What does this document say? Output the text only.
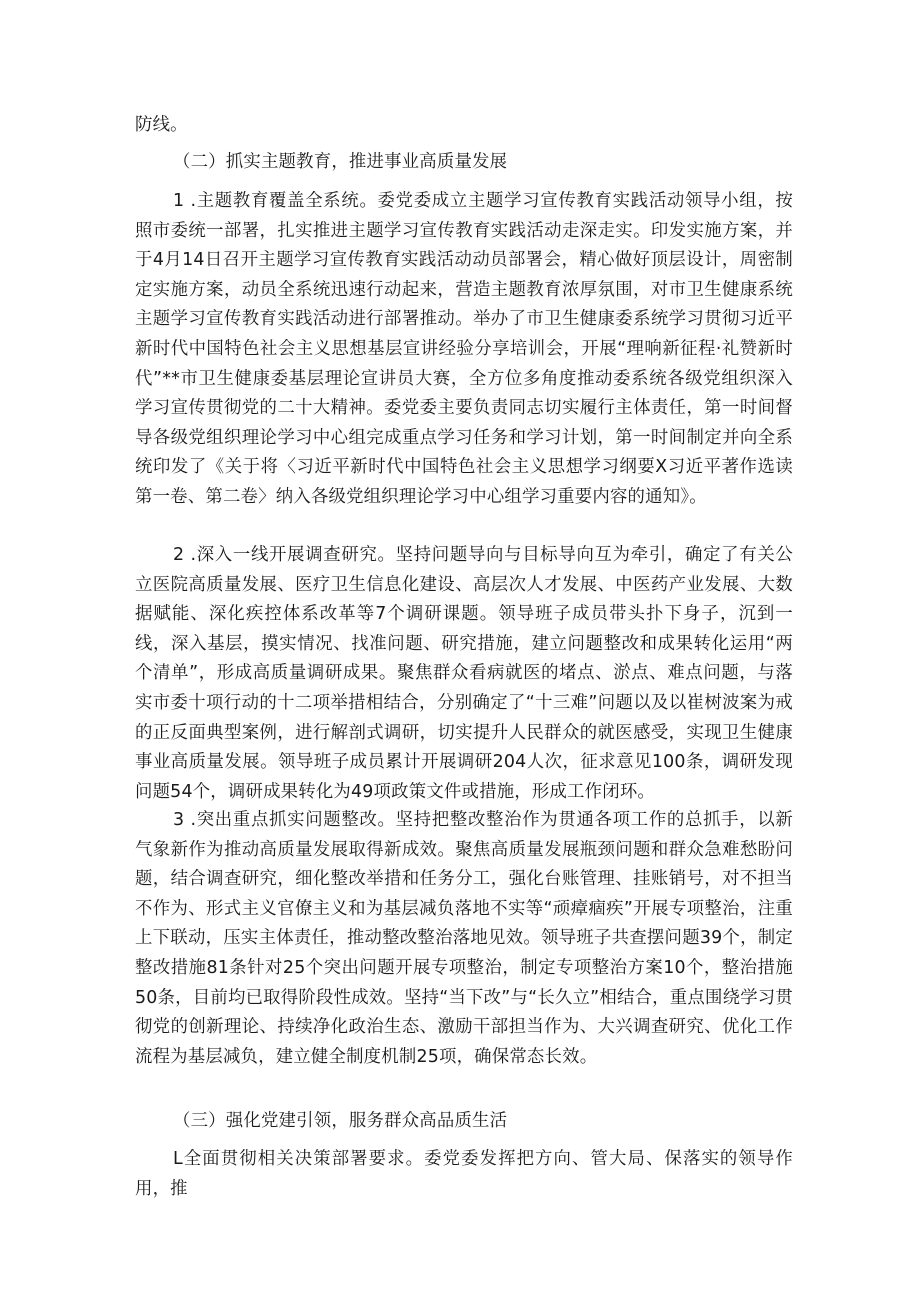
防线。

（二）抓实主题教育，推进事业高质量发展

1 .主题教育覆盖全系统。委党委成立主题学习宣传教育实践活动领导小组，按照市委统一部署，扎实推进主题学习宣传教育实践活动走深走实。印发实施方案，并于4月14日召开主题学习宣传教育实践活动动员部署会，精心做好顶层设计，周密制定实施方案，动员全系统迅速行动起来，营造主题教育浓厚氛围，对市卫生健康系统主题学习宣传教育实践活动进行部署推动。举办了市卫生健康委系统学习贯彻习近平新时代中国特色社会主义思想基层宣讲经验分享培训会，开展“理响新征程·礼赞新时代”**市卫生健康委基层理论宣讲员大赛，全方位多角度推动委系统各级党组织深入学习宣传贯彻党的二十大精神。委党委主要负责同志切实履行主体责任，第一时间督导各级党组织理论学习中心组完成重点学习任务和学习计划，第一时间制定并向全系统印发了《关于将〈习近平新时代中国特色社会主义思想学习纲要X习近平著作选读第一卷、第二卷〉纳入各级党组织理论学习中心组学习重要内容的通知》。

2 .深入一线开展调查研究。坚持问题导向与目标导向互为牵引，确定了有关公立医院高质量发展、医疗卫生信息化建设、高层次人才发展、中医药产业发展、大数据赋能、深化疾控体系改革等7个调研课题。领导班子成员带头扑下身子，沉到一线，深入基层，摸实情况、找准问题、研究措施，建立问题整改和成果转化运用“两个清单”，形成高质量调研成果。聚焦群众看病就医的堵点、淤点、难点问题，与落实市委十项行动的十二项举措相结合，分别确定了“十三难”问题以及以崔树波案为戒的正反面典型案例，进行解剖式调研，切实提升人民群众的就医感受，实现卫生健康事业高质量发展。领导班子成员累计开展调研204人次，征求意见100条，调研发现问题54个，调研成果转化为49项政策文件或措施，形成工作闭环。

3 .突出重点抓实问题整改。坚持把整改整治作为贯通各项工作的总抓手，以新气象新作为推动高质量发展取得新成效。聚焦高质量发展瓶颈问题和群众急难愁盼问题，结合调查研究，细化整改举措和任务分工，强化台账管理、挂账销号，对不担当不作为、形式主义官僚主义和为基层减负落地不实等“顽瘴痼疾”开展专项整治，注重上下联动，压实主体责任，推动整改整治落地见效。领导班子共查摆问题39个，制定整改措施81条针对25个突出问题开展专项整治，制定专项整治方案10个，整治措施50条，目前均已取得阶段性成效。坚持“当下改”与“长久立”相结合，重点围绕学习贯彻党的创新理论、持续净化政治生态、激励干部担当作为、大兴调查研究、优化工作流程为基层减负，建立健全制度机制25项，确保常态长效。

（三）强化党建引领，服务群众高品质生活

L全面贯彻相关决策部署要求。委党委发挥把方向、管大局、保落实的领导作用，推
